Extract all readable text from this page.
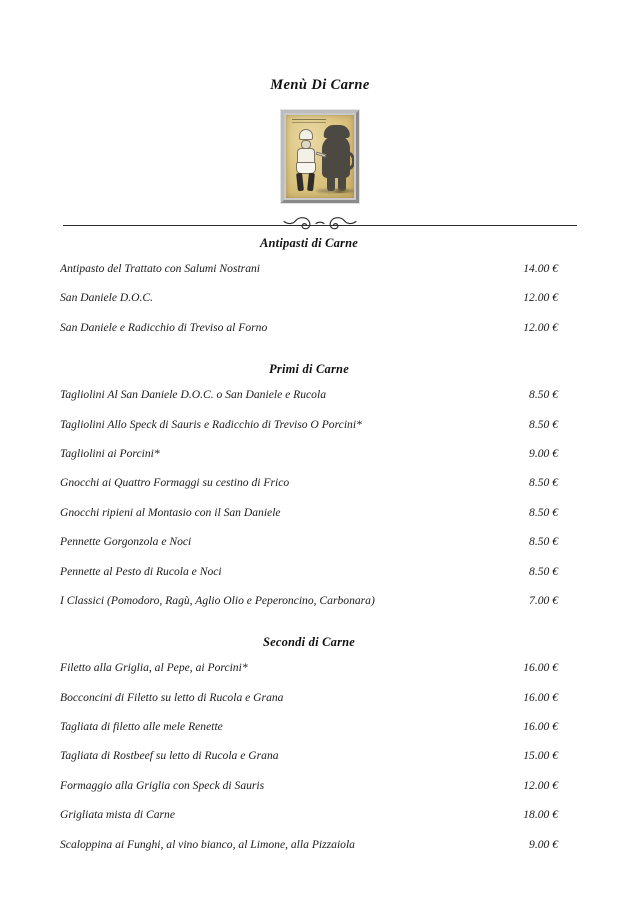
Menù Di Carne
Antipasti di Carne
Antipasto del Trattato con Salumi Nostrani	14.00 €
San Daniele D.O.C.	12.00 €
San Daniele e Radicchio di Treviso al Forno	12.00 €
Primi di Carne
Tagliolini Al San Daniele D.O.C. o San Daniele e Rucola	8.50 €
Tagliolini Allo Speck di Sauris e Radicchio di Treviso O Porcini*	8.50 €
Tagliolini ai Porcini*	9.00 €
Gnocchi ai Quattro Formaggi su cestino di Frico	8.50 €
Gnocchi ripieni al Montasio con il San Daniele	8.50 €
Pennette Gorgonzola e Noci	8.50 €
Pennette al Pesto di Rucola e Noci	8.50 €
I Classici (Pomodoro, Ragù, Aglio Olio e Peperoncino, Carbonara)	7.00 €
Secondi di Carne
Filetto alla Griglia, al Pepe, ai Porcini*	16.00 €
Bocconcini di Filetto su letto di Rucola e Grana	16.00 €
Tagliata di filetto alle mele Renette	16.00 €
Tagliata di Rostbeef su letto di Rucola e Grana	15.00 €
Formaggio alla Griglia con Speck di Sauris	12.00 €
Grigliata mista di Carne	18.00 €
Scaloppina ai Funghi, al vino bianco, al Limone, alla Pizzaiola	9.00 €
